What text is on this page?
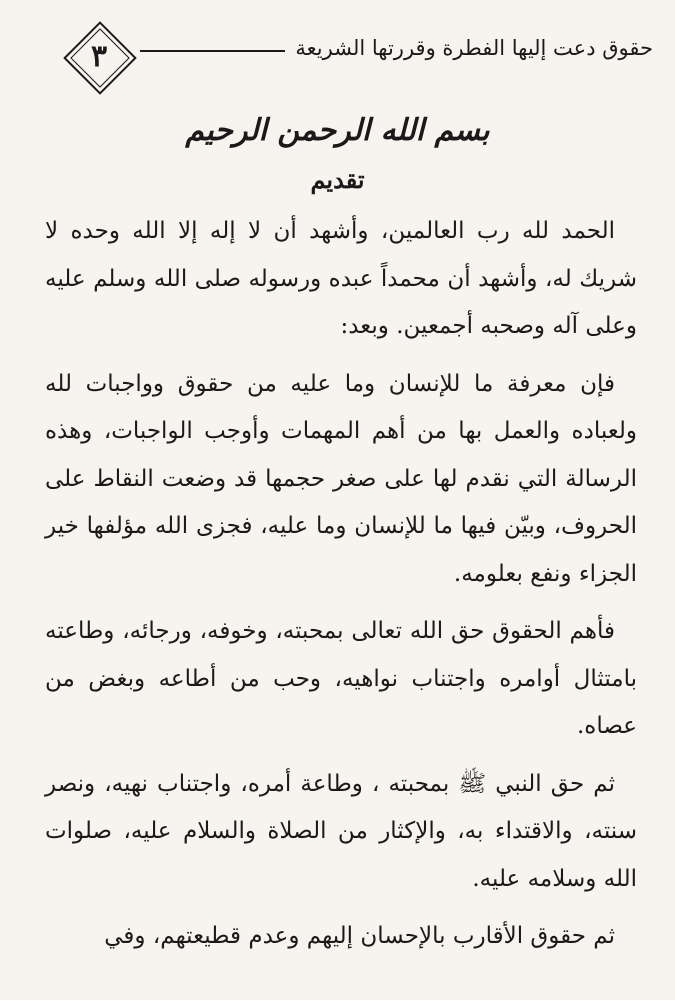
٣	حقوق دعت إليها الفطرة وقررتها الشريعة
بسم الله الرحمن الرحيم
تقديم

الحمد لله رب العالمين، وأشهد أن لا إله إلا الله وحده لا شريك له، وأشهد أن محمداً عبده ورسوله صلى الله وسلم عليه وعلى آله وصحبه أجمعين. وبعد:

فإن معرفة ما للإنسان وما عليه من حقوق وواجبات لله ولعباده والعمل بها من أهم المهمات وأوجب الواجبات، وهذه الرسالة التي نقدم لها على صغر حجمها قد وضعت النقاط على الحروف، وبيّن فيها ما للإنسان وما عليه، فجزى الله مؤلفها خير الجزاء ونفع بعلومه.

فأهم الحقوق حق الله تعالى بمحبته، وخوفه، ورجائه، وطاعته بامتثال أوامره واجتناب نواهيه، وحب من أطاعه وبغض من عصاه.

ثم حق النبي ﷺ بمحبته ، وطاعة أمره، واجتناب نهيه، ونصر سنته، والاقتداء به، والإكثار من الصلاة والسلام عليه، صلوات الله وسلامه عليه.

ثم حقوق الأقارب بالإحسان إليهم وعدم قطيعتهم، وفي
